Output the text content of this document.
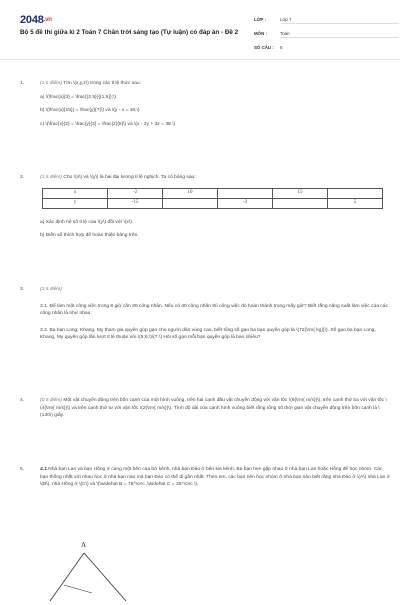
2048.vn
Bộ 5 đề thi giữa kì 2 Toán 7 Chân trời sáng tạo (Tự luận) có đáp án - Đề 2
LỚP :	Lớp 7
MÔN :	Toán
SỐ CÂU : 5
1.	(1,5 điểm) Tìm \(x,y,z\) trong các tỉ lệ thức sau:
a) \(\frac{x}{3} = \frac{{2,5}}{{1,5}};\)
b) \(\frac{x}{15}} = \frac{y}{7}\) và \(y - x = 16;\)
c) \(\frac{x}{2} = \frac{y}{3} = \frac{z}{5}\) và \(x - 2y + 3z = 38.\)
2.	(1,5 điểm) Cho \(x\) và \(y\) là hai đại lượng tỉ lệ nghịch. Ta có bảng sau:
x	-2	10		15	
y	-15		-3		5
a) Xác định hệ số tỉ lệ của \(y\) đối với \(x\).
b) Điền số thích hợp để hoàn thiện bảng trên.
3.	(2,5 điểm)
3.1. Để làm một công việc trong 8 giờ cần 30 công nhân. Nếu có 40 công nhân thì công việc đó hoàn thành trong mấy giờ? Biết rằng năng suất làm việc của các công nhân là như nhau.
3.2. Ba bạn Long, Khang, My tham gia quyên góp gạo cho người dân vùng cao, biết tổng số gạo ba bạn quyên góp là \(72{\rm{ kg}}\). Số gạo ba bạn Long, Khang, My quyên góp lần lượt tỉ lệ thuận với \(5;6;\)\(7.\) Hỏi số gạo mỗi bạn quyên góp là bao nhiêu?
4.	(0,5 điểm) Một vật chuyển động trên bốn cạnh của một hình vuông, trên hai cạnh đầu vật chuyển động với vận tốc \(6{\rm{ m/s}}\), trên cạnh thứ ba với vận tốc \(4{\rm{ m/s}}\) và trên cạnh thứ tư với vận tốc \(2{\rm{ m/s}}\). Tính độ dài của cạnh hình vuông biết rằng tổng số thời gian vật chuyển động trên bốn cạnh là \(130\) giây.
5.	4.1.Nhà bạn Lan và bạn Hồng ở cùng một bên của bờ kênh, nhà bạn Đào ở bên kia kênh. Ba bạn hẹn gặp nhau ở nhà bạn Lan hoặc Hồng để học nhóm. Các bạn thống nhất với nhau học ở nhà bạn nào mà bạn Đào có thể đi gần nhất. Theo em, các bạn nên học nhóm ở nhà bạn nào biết rằng nhà Đào ở \(A\) nhà Lan ở \(B\), nhà Hồng ở \(C\) và \(\widehat B = 75^\circ ,\widehat C = 35^\circ \).
A
